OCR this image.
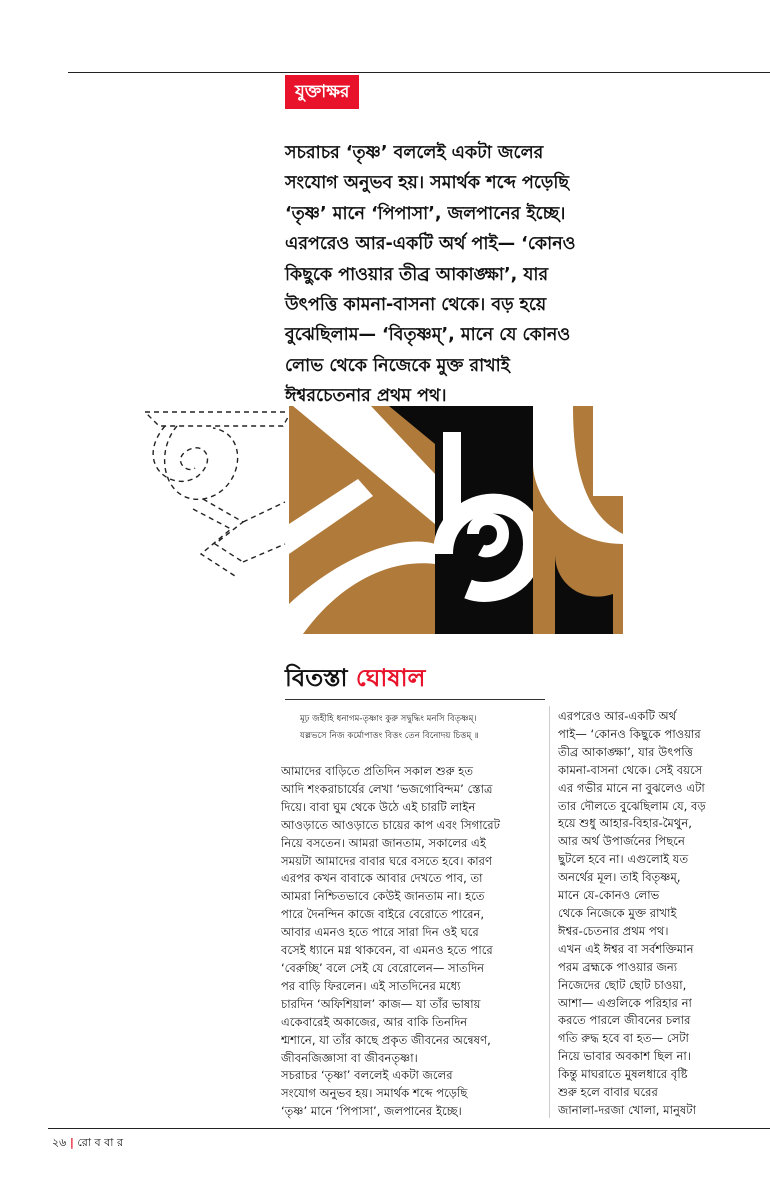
যুক্তাক্ষর
সচরাচর ‘তৃষ্ণ’ বললেই একটা জলের
সংযোগ অনুভব হয়। সমার্থক শব্দে পড়েছি
‘তৃষ্ণ’ মানে ‘পিপাসা’, জলপানের ইচ্ছে।
এরপরেও আর-একটি অর্থ পাই— ‘কোনও
কিছুকে পাওয়ার তীব্র আকাঙ্ক্ষা’, যার
উৎপত্তি কামনা-বাসনা থেকে। বড় হয়ে
বুঝেছিলাম— ‘বিতৃষ্ণম্’, মানে যে কোনও
লোভ থেকে নিজেকে মুক্ত রাখাই
ঈশ্বরচেতনার প্রথম পথ।
বিতস্তা ঘোষাল
মূঢ় জহীহি ধনাগম-তৃষ্ণাং কুরু সদ্বুদ্ধিং মনসি বিতৃষ্ণম্।
যল্লভসে নিজ কর্মোপাত্তং বিত্তং তেন বিনোদয় চিত্তম্ ॥
আমাদের বাড়িতে প্রতিদিন সকাল শুরু হত
আদি শংকরাচার্যের লেখা ‘ভজগোবিন্দম’ স্তোত্র
দিয়ে। বাবা ঘুম থেকে উঠে এই চারটি লাইন
আওড়াতে আওড়াতে চায়ের কাপ এবং সিগারেট
নিয়ে বসতেন। আমরা জানতাম, সকালের এই
সময়টা আমাদের বাবার ঘরে বসতে হবে। কারণ
এরপর কখন বাবাকে আবার দেখতে পাব, তা
আমরা নিশ্চিতভাবে কেউই জানতাম না। হতে
পারে দৈনন্দিন কাজে বাইরে বেরোতে পারেন,
আবার এমনও হতে পারে সারা দিন ওই ঘরে
বসেই ধ্যানে মগ্ন থাকবেন, বা এমনও হতে পারে
‘বেরুচ্ছি’ বলে সেই যে বেরোলেন— সাতদিন
পর বাড়ি ফিরলেন। এই সাতদিনের মধ্যে
চারদিন ‘অফিশিয়াল’ কাজ— যা তাঁর ভাষায়
একেবারেই অকাজের, আর বাকি তিনদিন
শ্মশানে, যা তাঁর কাছে প্রকৃত জীবনের অন্বেষণ,
জীবনজিজ্ঞাসা বা জীবনতৃষ্ণা।
সচরাচর ‘তৃষ্ণা’ বললেই একটা জলের
সংযোগ অনুভব হয়। সমার্থক শব্দে পড়েছি
‘তৃষ্ণ’ মানে ‘পিপাসা’, জলপানের ইচ্ছে।
এরপরেও আর-একটি অর্থ
পাই— ‘কোনও কিছুকে পাওয়ার
তীব্র আকাঙ্ক্ষা’, যার উৎপত্তি
কামনা-বাসনা থেকে। সেই বয়সে
এর গভীর মানে না বুঝলেও এটা
তার দৌলতে বুঝেছিলাম যে, বড়
হয়ে শুধু আহার-বিহার-মৈথুন,
আর অর্থ উপার্জনের পিছনে
ছুটলে হবে না। এগুলোই যত
অনর্থের মূল। তাই বিতৃষ্ণম্,
মানে যে-কোনও লোভ
থেকে নিজেকে মুক্ত রাখাই
ঈশ্বর-চেতনার প্রথম পথ।
এখন এই ঈশ্বর বা সর্বশক্তিমান
পরম ব্রহ্মকে পাওয়ার জন্য
নিজেদের ছোট ছোট চাওয়া,
আশা— এগুলিকে পরিহার না
করতে পারলে জীবনের চলার
গতি রুদ্ধ হবে বা হত— সেটা
নিয়ে ভাবার অবকাশ ছিল না।
কিন্তু মাঘরাতে মুষলধারে বৃষ্টি
শুরু হলে বাবার ঘরের
জানালা-দরজা খোলা, মানুষটা
২৬ | রো ব বা র
